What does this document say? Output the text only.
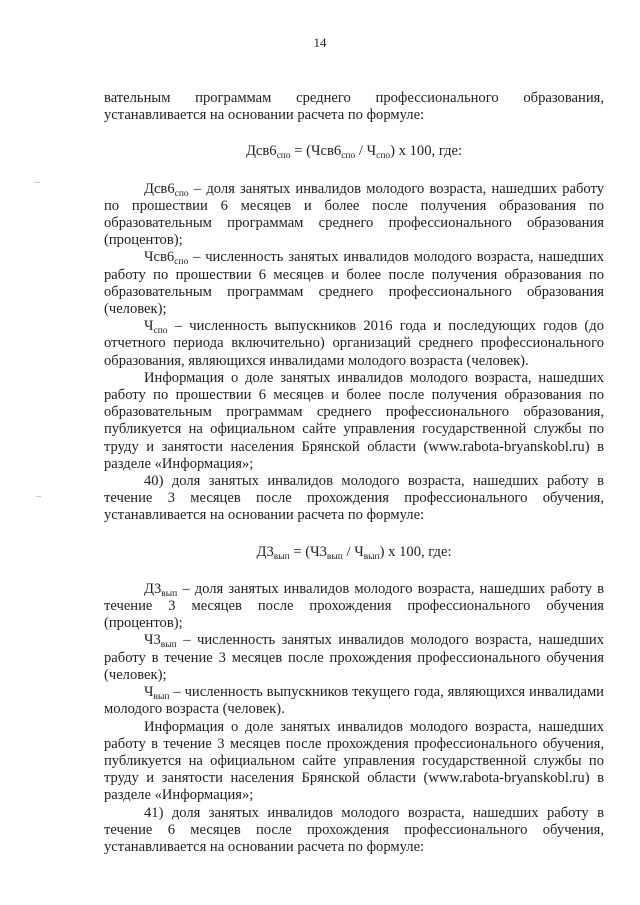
14

вательным программам среднего профессионального образования, устанавливается на основании расчета по формуле:

$Дсв6_{спо} = (Чсв6_{спо} / Ч_{спо})$ х 100, где:

$Дсв6_{спо}$ – доля занятых инвалидов молодого возраста, нашедших работу по прошествии 6 месяцев и более после получения образования по образовательным программам среднего профессионального образования (процентов);

$Чсв6_{спо}$ – численность занятых инвалидов молодого возраста, нашедших работу по прошествии 6 месяцев и более после получения образования по образовательным программам среднего профессионального образования (человек);

$Ч_{спо}$ – численность выпускников 2016 года и последующих годов (до отчетного периода включительно) организаций среднего профессионального образования, являющихся инвалидами молодого возраста (человек).

Информация о доле занятых инвалидов молодого возраста, нашедших работу по прошествии 6 месяцев и более после получения образования по образовательным программам среднего профессионального образования, публикуется на официальном сайте управления государственной службы по труду и занятости населения Брянской области (www.rabota-bryanskobl.ru) в разделе «Информация»;

40) доля занятых инвалидов молодого возраста, нашедших работу в течение 3 месяцев после прохождения профессионального обучения, устанавливается на основании расчета по формуле:

$Д3_{вып} = (Ч3_{вып} / Ч_{вып})$ х 100, где:

$Д3_{вып}$ – доля занятых инвалидов молодого возраста, нашедших работу в течение 3 месяцев после прохождения профессионального обучения (процентов);

$Ч3_{вып}$ – численность занятых инвалидов молодого возраста, нашедших работу в течение 3 месяцев после прохождения профессионального обучения (человек);

$Ч_{вып}$ – численность выпускников текущего года, являющихся инвалидами молодого возраста (человек).

Информация о доле занятых инвалидов молодого возраста, нашедших работу в течение 3 месяцев после прохождения профессионального обучения, публикуется на официальном сайте управления государственной службы по труду и занятости населения Брянской области (www.rabota-bryanskobl.ru) в разделе «Информация»;

41) доля занятых инвалидов молодого возраста, нашедших работу в течение 6 месяцев после прохождения профессионального обучения, устанавливается на основании расчета по формуле:
